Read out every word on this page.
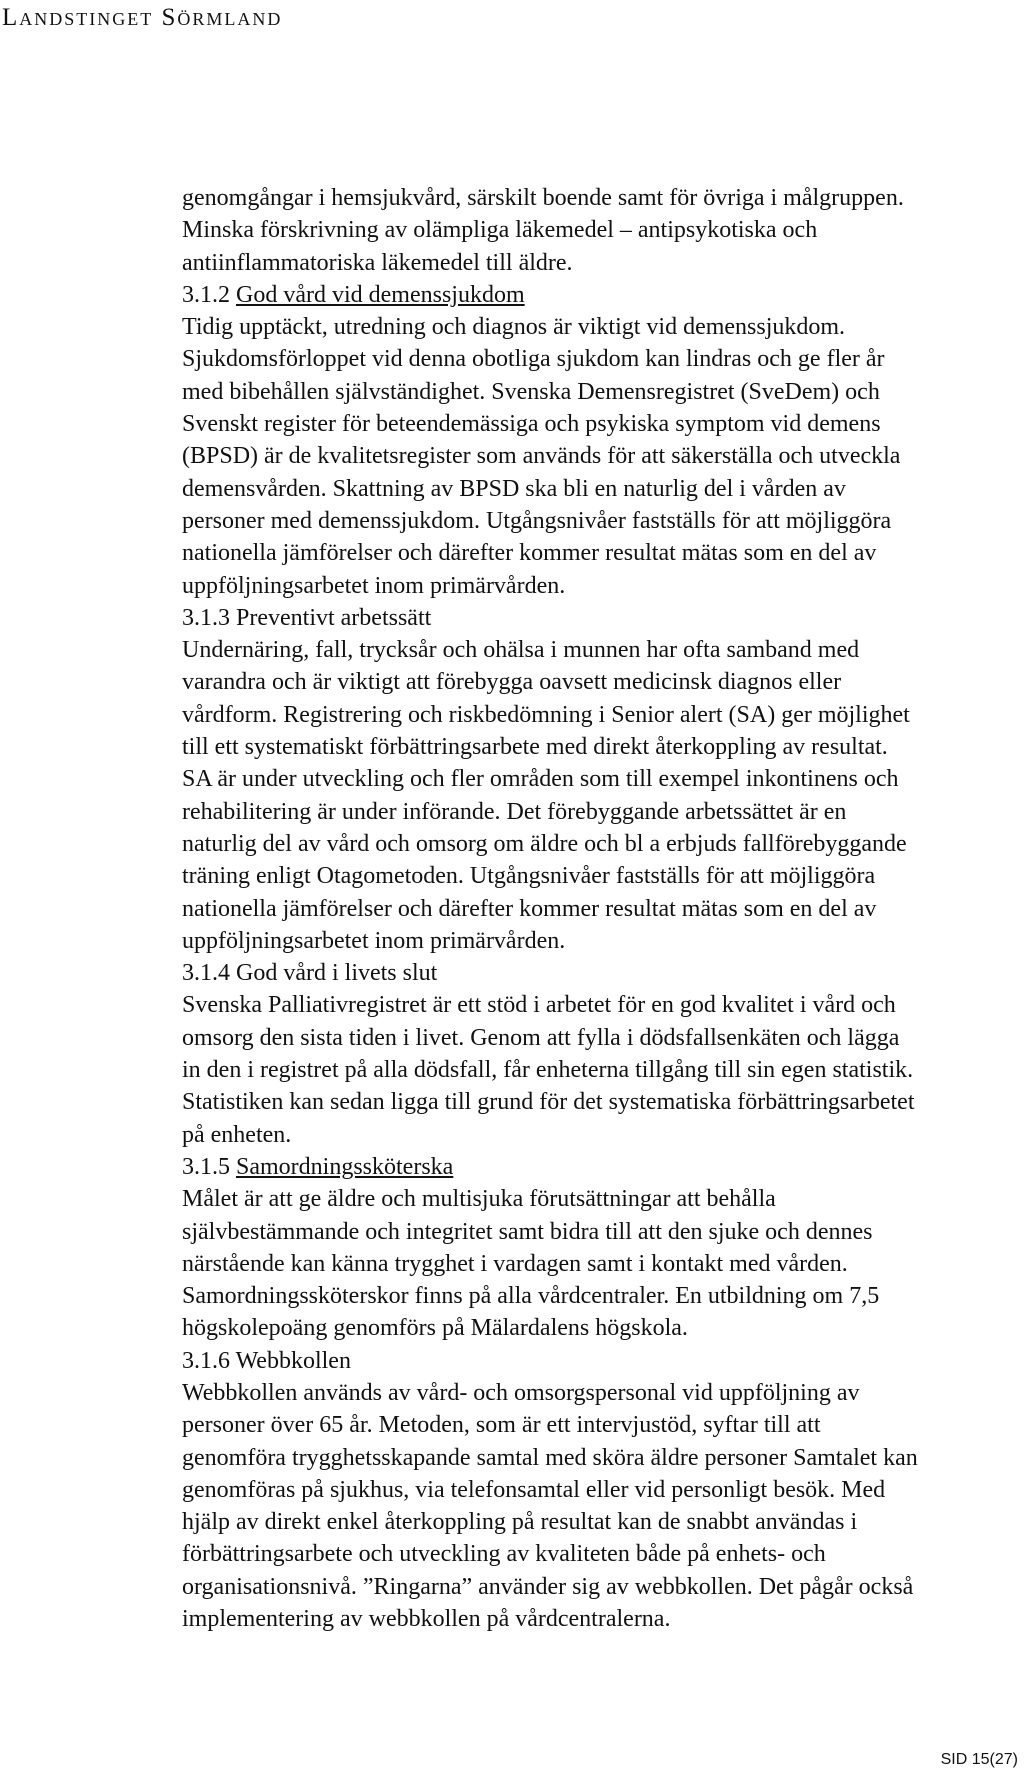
Landstinget Sörmland
genomgångar i hemsjukvård, särskilt boende samt för övriga i målgruppen.
Minska förskrivning av olämpliga läkemedel – antipsykotiska och
antiinflammatoriska läkemedel till äldre.
3.1.2 God vård vid demenssjukdom
Tidig upptäckt, utredning och diagnos är viktigt vid demenssjukdom.
Sjukdomsförloppet vid denna obotliga sjukdom kan lindras och ge fler år
med bibehållen självständighet. Svenska Demensregistret (SveDem) och
Svenskt register för beteendemässiga och psykiska symptom vid demens
(BPSD) är de kvalitetsregister som används för att säkerställa och utveckla
demensvården. Skattning av BPSD ska bli en naturlig del i vården av
personer med demenssjukdom. Utgångsnivåer fastställs för att möjliggöra
nationella jämförelser och därefter kommer resultat mätas som en del av
uppföljningsarbetet inom primärvården.
3.1.3 Preventivt arbetssätt
Undernäring, fall, trycksår och ohälsa i munnen har ofta samband med
varandra och är viktigt att förebygga oavsett medicinsk diagnos eller
vårdform. Registrering och riskbedömning i Senior alert (SA) ger möjlighet
till ett systematiskt förbättringsarbete med direkt återkoppling av resultat.
SA är under utveckling och fler områden som till exempel inkontinens och
rehabilitering är under införande. Det förebyggande arbetssättet är en
naturlig del av vård och omsorg om äldre och bl a erbjuds fallförebyggande
träning enligt Otagometoden. Utgångsnivåer fastställs för att möjliggöra
nationella jämförelser och därefter kommer resultat mätas som en del av
uppföljningsarbetet inom primärvården.
3.1.4 God vård i livets slut
Svenska Palliativregistret är ett stöd i arbetet för en god kvalitet i vård och
omsorg den sista tiden i livet. Genom att fylla i dödsfallsenkäten och lägga
in den i registret på alla dödsfall, får enheterna tillgång till sin egen statistik.
Statistiken kan sedan ligga till grund för det systematiska förbättringsarbetet
på enheten.
3.1.5 Samordningssköterska
Målet är att ge äldre och multisjuka förutsättningar att behålla
självbestämmande och integritet samt bidra till att den sjuke och dennes
närstående kan känna trygghet i vardagen samt i kontakt med vården.
Samordningssköterskor finns på alla vårdcentraler. En utbildning om 7,5
högskolepoäng genomförs på Mälardalens högskola.
3.1.6 Webbkollen
Webbkollen används av vård- och omsorgspersonal vid uppföljning av
personer över 65 år. Metoden, som är ett intervjustöd, syftar till att
genomföra trygghetsskapande samtal med sköra äldre personer Samtalet kan
genomföras på sjukhus, via telefonsamtal eller vid personligt besök. Med
hjälp av direkt enkel återkoppling på resultat kan de snabbt användas i
förbättringsarbete och utveckling av kvaliteten både på enhets- och
organisationsnivå. ”Ringarna” använder sig av webbkollen. Det pågår också
implementering av webbkollen på vårdcentralerna.
SID 15(27)
